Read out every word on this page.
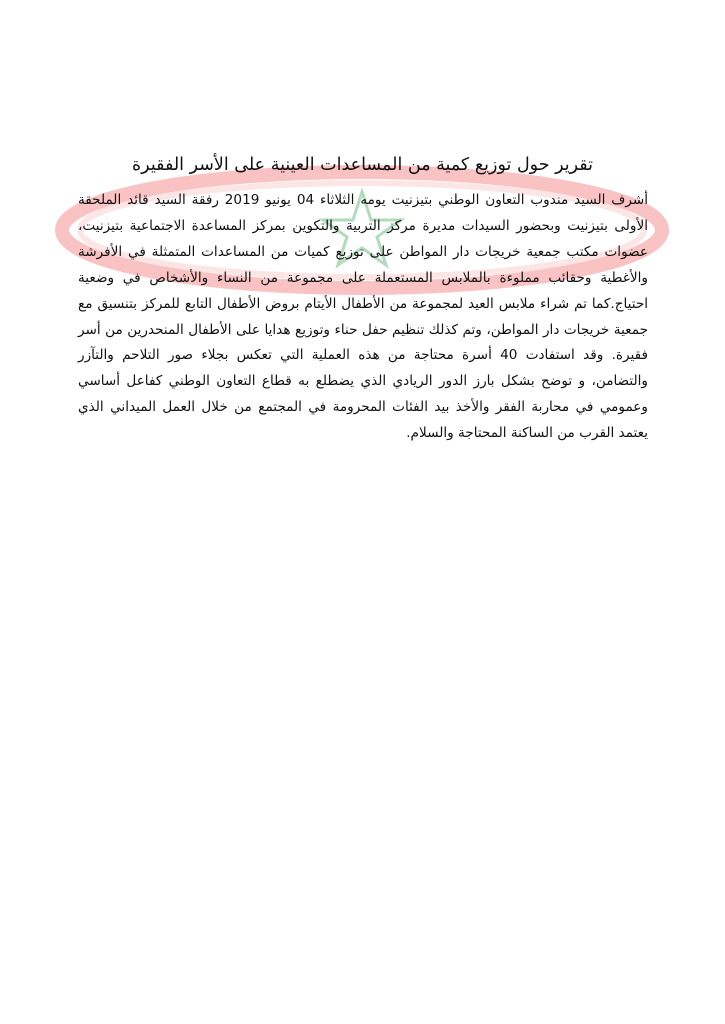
تقرير حول توزيع كمية من المساعدات العينية على الأسر الفقيرة

أشرف السيد مندوب التعاون الوطني بتيزنيت يومه الثلاثاء 04 يونيو 2019 رفقة السيد قائد الملحقة الأولى بتيزنيت وبحضور السيدات مديرة مركز التربية والتكوين بمركز المساعدة الاجتماعية بتيزنيت، عضوات مكتب جمعية خريجات دار المواطن على توزيع كميات من المساعدات المتمثلة في الأفرشة والأغطية وحقائب مملوءة بالملابس المستعملة على مجموعة من النساء والأشخاص في وضعية احتياج.كما تم شراء ملابس العيد لمجموعة من الأطفال الأيتام بروض الأطفال التابع للمركز بتنسيق مع جمعية خريجات دار المواطن، وتم كذلك تنظيم حفل حناء وتوزيع هدايا على الأطفال المنحدرين من أسر فقيرة. وقد استفادت 40 أسرة محتاجة من هذه العملية التي تعكس بجلاء صور التلاحم والتآزر والتضامن، و توضح بشكل بارز الدور الريادي الذي يضطلع به قطاع التعاون الوطني كفاعل أساسي وعمومي في محاربة الفقر والأخذ بيد الفئات المحرومة في المجتمع من خلال العمل الميداني الذي يعتمد القرب من الساكنة المحتاجة والسلام.
